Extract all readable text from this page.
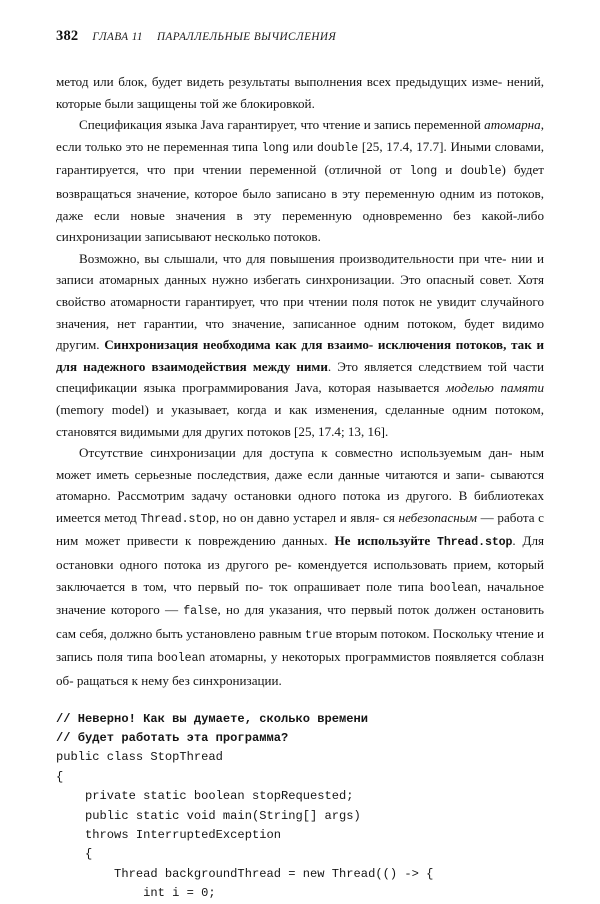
382 ГЛАВА 11 ПАРАЛЛЕЛЬНЫЕ ВЫЧИСЛЕНИЯ

метод или блок, будет видеть результаты выполнения всех предыдущих изме- нений, которые были защищены той же блокировкой.

Спецификация языка Java гарантирует, что чтение и запись переменной атомарна, если только это не переменная типа long или double [25, 17.4, 17.7]. Иными словами, гарантируется, что при чтении переменной (отличной от long и double) будет возвращаться значение, которое было записано в эту переменную одним из потоков, даже если новые значения в эту переменную одновременно без какой-либо синхронизации записывают несколько потоков.

Возможно, вы слышали, что для повышения производительности при чте- нии и записи атомарных данных нужно избегать синхронизации. Это опасный совет. Хотя свойство атомарности гарантирует, что при чтении поля поток не увидит случайного значения, нет гарантии, что значение, записанное одним потоком, будет видимо другим. Синхронизация необходима как для взаимо- исключения потоков, так и для надежного взаимодействия между ними. Это является следствием той части спецификации языка программирования Java, которая называется моделью памяти (memory model) и указывает, когда и как изменения, сделанные одним потоком, становятся видимыми для других потоков [25, 17.4; 13, 16].

Отсутствие синхронизации для доступа к совместно используемым дан- ным может иметь серьезные последствия, даже если данные читаются и запи- сываются атомарно. Рассмотрим задачу остановки одного потока из другого. В библиотеках имеется метод Thread.stop, но он давно устарел и явля- ся небезопасным — работа с ним может привести к повреждению данных. Не используйте Thread.stop. Для остановки одного потока из другого ре- комендуется использовать прием, который заключается в том, что первый по- ток опрашивает поле типа boolean, начальное значение которого — false, но для указания, что первый поток должен остановить сам себя, должно быть установлено равным true вторым потоком. Поскольку чтение и запись поля типа boolean атомарны, у некоторых программистов появляется соблазн об- ращаться к нему без синхронизации.

// Неверно! Как вы думаете, сколько времени
// будет работать эта программа?
public class StopThread
{
private static boolean stopRequested;
public static void main(String[] args)
throws InterruptedException
{
Thread backgroundThread = new Thread(() -> {
int i = 0;
